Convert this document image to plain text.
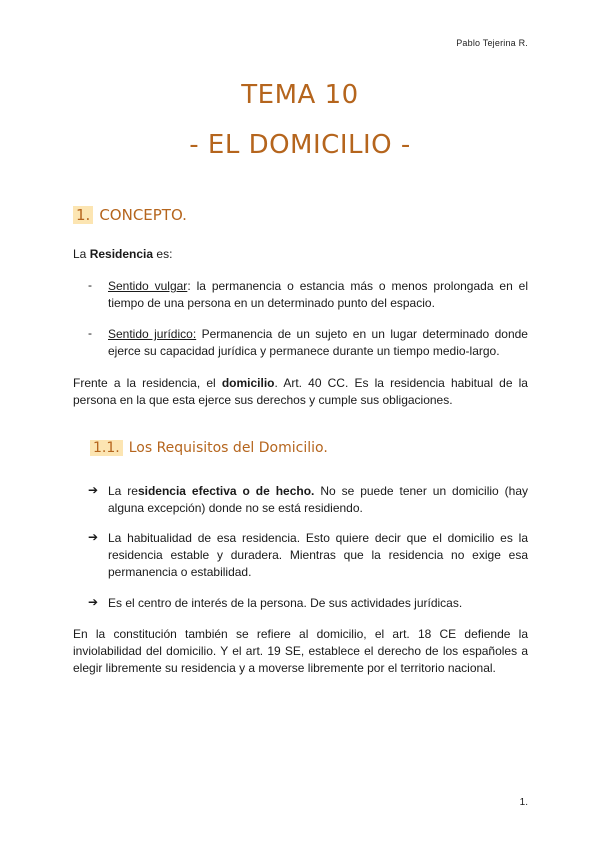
Pablo Tejerina R.
TEMA 10
- EL DOMICILIO -
1. CONCEPTO.
La Residencia es:
- Sentido vulgar: la permanencia o estancia más o menos prolongada en el tiempo de una persona en un determinado punto del espacio.
- Sentido jurídico: Permanencia de un sujeto en un lugar determinado donde ejerce su capacidad jurídica y permanece durante un tiempo medio-largo.
Frente a la residencia, el domicilio. Art. 40 CC. Es la residencia habitual de la persona en la que esta ejerce sus derechos y cumple sus obligaciones.
1.1. Los Requisitos del Domicilio.
➔ La residencia efectiva o de hecho. No se puede tener un domicilio (hay alguna excepción) donde no se está residiendo.
➔ La habitualidad de esa residencia. Esto quiere decir que el domicilio es la residencia estable y duradera. Mientras que la residencia no exige esa permanencia o estabilidad.
➔ Es el centro de interés de la persona. De sus actividades jurídicas.
En la constitución también se refiere al domicilio, el art. 18 CE defiende la inviolabilidad del domicilio. Y el art. 19 SE, establece el derecho de los españoles a elegir libremente su residencia y a moverse libremente por el territorio nacional.
1.
